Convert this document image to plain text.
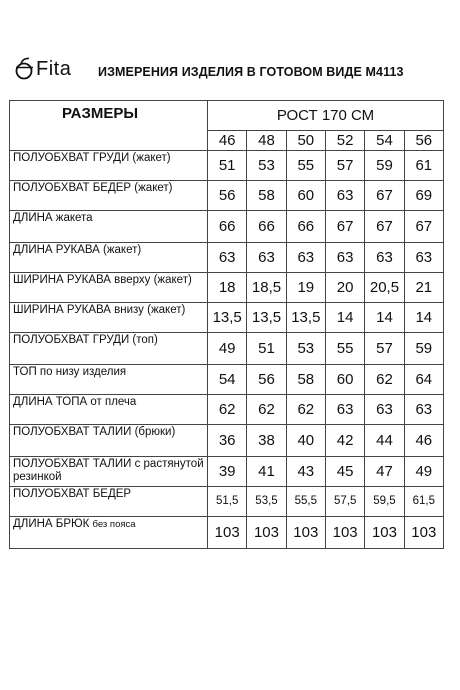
Fita ИЗМЕРЕНИЯ ИЗДЕЛИЯ В ГОТОВОМ ВИДЕ М4113
РАЗМЕРЫ	РОСТ 170 СМ					
	46	48	50	52	54	56
ПОЛУОБХВАТ ГРУДИ (жакет)	51	53	55	57	59	61
ПОЛУОБХВАТ БЕДЕР (жакет)	56	58	60	63	67	69
ДЛИНА жакета	66	66	66	67	67	67
ДЛИНА РУКАВА (жакет)	63	63	63	63	63	63
ШИРИНА РУКАВА вверху (жакет)	18	18,5	19	20	20,5	21
ШИРИНА РУКАВА внизу (жакет)	13,5	13,5	13,5	14	14	14
ПОЛУОБХВАТ ГРУДИ (топ)	49	51	53	55	57	59
ТОП по низу изделия	54	56	58	60	62	64
ДЛИНА ТОПА от плеча	62	62	62	63	63	63
ПОЛУОБХВАТ ТАЛИИ (брюки)	36	38	40	42	44	46
ПОЛУОБХВАТ ТАЛИИ с растянутой резинкой	39	41	43	45	47	49
ПОЛУОБХВАТ БЕДЕР	51,5	53,5	55,5	57,5	59,5	61,5
ДЛИНА БРЮК без пояса	103	103	103	103	103	103
